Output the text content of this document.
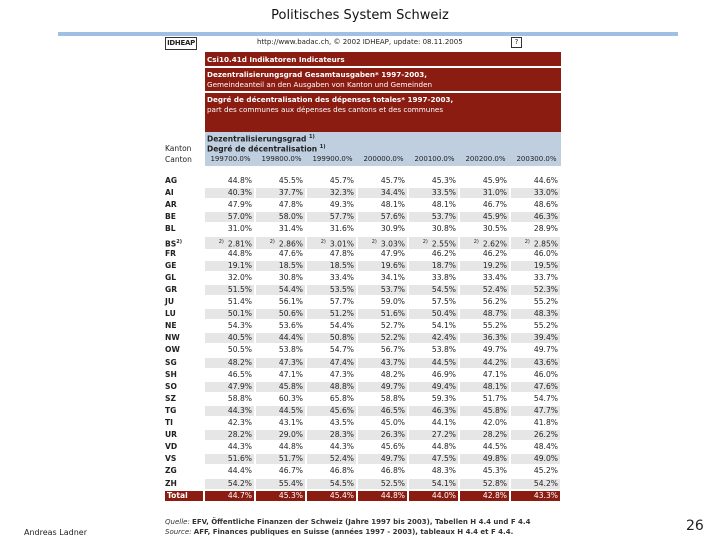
Politisches System Schweiz
IDHEAP	http://www.badac.ch, © 2002 IDHEAP, update: 08.11.2005	?
Csi10.41d Indikatoren Indicateurs
Dezentralisierungsgrad Gesamtausgaben* 1997-2003,
Gemeindeanteil an den Ausgaben von Kanton und Gemeinden
Degré de décentralisation des dépenses totales* 1997-2003,
part des communes aux dépenses des cantons et des communes
Dezentralisierungsgrad $^{1)}$
Degré de décentralisation $^{1)}$
Kanton
Canton	199700.0%	199800.0%	199900.0%	200000.0%	200100.0%	200200.0%	200300.0%
AG	44.8%	45.5%	45.7%	45.7%	45.3%	45.9%	44.6%
AI	40.3%	37.7%	32.3%	34.4%	33.5%	31.0%	33.0%
AR	47.9%	47.8%	49.3%	48.1%	48.1%	46.7%	48.6%
BE	57.0%	58.0%	57.7%	57.6%	53.7%	45.9%	46.3%
BL	31.0%	31.4%	31.6%	30.9%	30.8%	30.5%	28.9%
BS$^{2)}$	$^{2)}$ 2.81%	$^{2)}$ 2.86%	$^{2)}$ 3.01%	$^{2)}$ 3.03%	$^{2)}$ 2.55%	$^{2)}$ 2.62%	$^{2)}$ 2.85%
FR	44.8%	47.6%	47.8%	47.9%	46.2%	46.2%	46.0%
GE	19.1%	18.5%	18.5%	19.6%	18.7%	19.2%	19.5%
GL	32.0%	30.8%	33.4%	34.1%	33.8%	33.4%	33.7%
GR	51.5%	54.4%	53.5%	53.7%	54.5%	52.4%	52.3%
JU	51.4%	56.1%	57.7%	59.0%	57.5%	56.2%	55.2%
LU	50.1%	50.6%	51.2%	51.6%	50.4%	48.7%	48.3%
NE	54.3%	53.6%	54.4%	52.7%	54.1%	55.2%	55.2%
NW	40.5%	44.4%	50.8%	52.2%	42.4%	36.3%	39.4%
OW	50.5%	53.8%	54.7%	56.7%	53.8%	49.7%	49.7%
SG	48.2%	47.3%	47.4%	43.7%	44.5%	44.2%	43.6%
SH	46.5%	47.1%	47.3%	48.2%	46.9%	47.1%	46.0%
SO	47.9%	45.8%	48.8%	49.7%	49.4%	48.1%	47.6%
SZ	58.8%	60.3%	65.8%	58.8%	59.3%	51.7%	54.7%
TG	44.3%	44.5%	45.6%	46.5%	46.3%	45.8%	47.7%
TI	42.3%	43.1%	43.5%	45.0%	44.1%	42.0%	41.8%
UR	28.2%	29.0%	28.3%	26.3%	27.2%	28.2%	26.2%
VD	44.3%	44.8%	44.3%	45.6%	44.8%	44.5%	48.4%
VS	51.6%	51.7%	52.4%	49.7%	47.5%	49.8%	49.0%
ZG	44.4%	46.7%	46.8%	46.8%	48.3%	45.3%	45.2%
ZH	54.2%	55.4%	54.5%	52.5%	54.1%	52.8%	54.2%
Total	44.7%	45.3%	45.4%	44.8%	44.0%	42.8%	43.3%
Quelle: EFV, Öffentliche Finanzen der Schweiz (Jahre 1997 bis 2003), Tabellen H 4.4 und F 4.4
Source: AFF, Finances publiques en Suisse (années 1997 - 2003), tableaux H 4.4 et F 4.4.
Andreas Ladner	26
